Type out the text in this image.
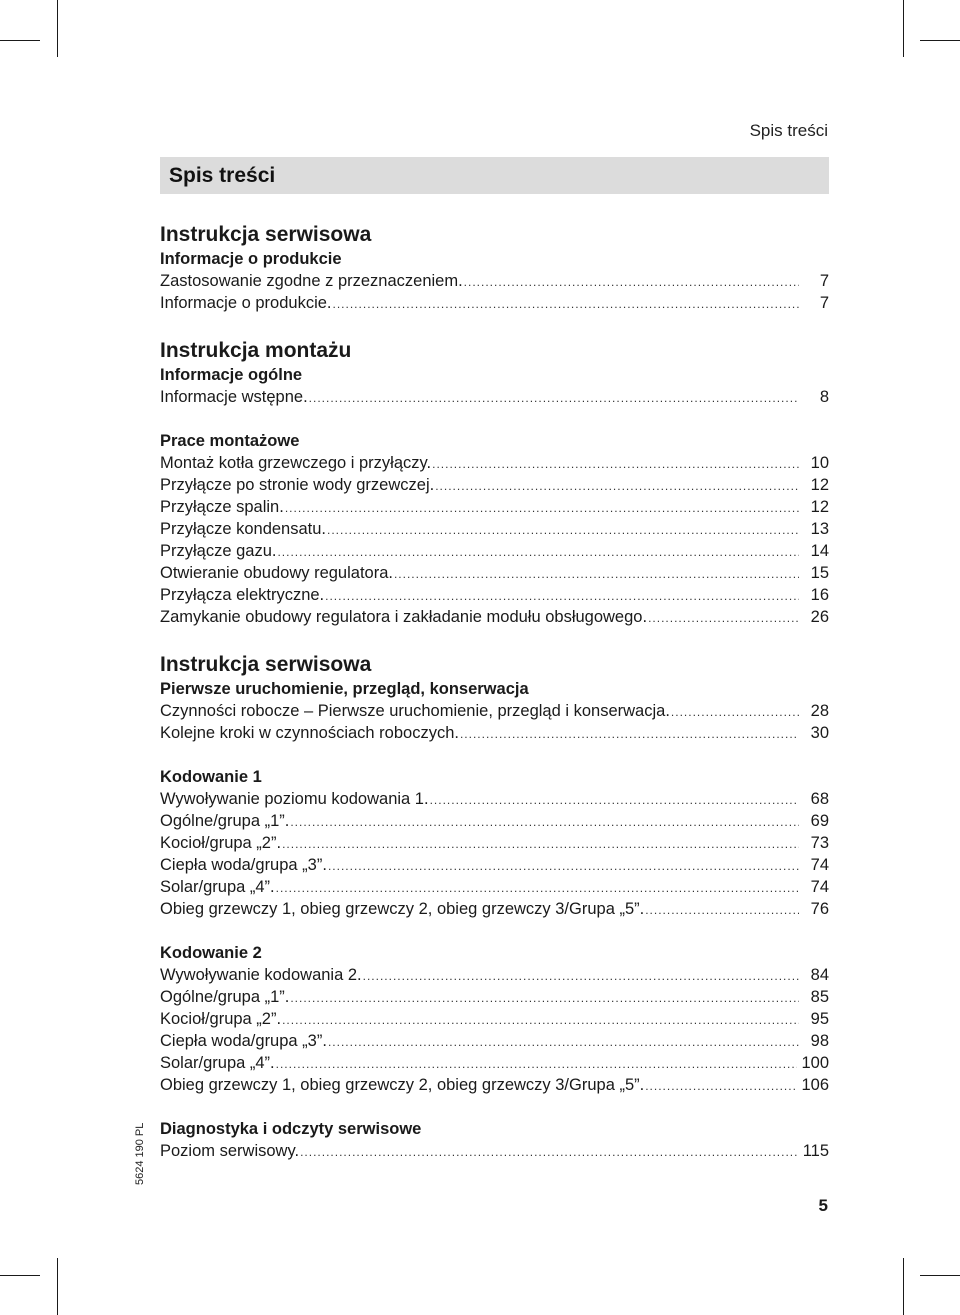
Spis treści
Spis treści
Instrukcja serwisowa
Informacje o produkcie
Zastosowanie zgodne z przeznaczeniem. .....	7
Informacje o produkcie. .....	7
Instrukcja montażu
Informacje ogólne
Informacje wstępne. .....	8
Prace montażowe
Montaż kotła grzewczego i przyłączy. .....	10
Przyłącze po stronie wody grzewczej. .....	12
Przyłącze spalin. .....	12
Przyłącze kondensatu. .....	13
Przyłącze gazu. .....	14
Otwieranie obudowy regulatora. .....	15
Przyłącza elektryczne. .....	16
Zamykanie obudowy regulatora i zakładanie modułu obsługowego. .....	26
Instrukcja serwisowa
Pierwsze uruchomienie, przegląd, konserwacja
Czynności robocze – Pierwsze uruchomienie, przegląd i konserwacja. .....	28
Kolejne kroki w czynnościach roboczych. .....	30
Kodowanie 1
Wywoływanie poziomu kodowania 1. .....	68
Ogólne/grupa „1”. .....	69
Kocioł/grupa „2”. .....	73
Ciepła woda/grupa „3”. .....	74
Solar/grupa „4”. .....	74
Obieg grzewczy 1, obieg grzewczy 2, obieg grzewczy 3/Grupa „5”. .....	76
Kodowanie 2
Wywoływanie kodowania 2. .....	84
Ogólne/grupa „1”. .....	85
Kocioł/grupa „2”. .....	95
Ciepła woda/grupa „3”. .....	98
Solar/grupa „4”. .....	100
Obieg grzewczy 1, obieg grzewczy 2, obieg grzewczy 3/Grupa „5”. .....	106
Diagnostyka i odczyty serwisowe
Poziom serwisowy. .....	115
5624 190 PL
5
